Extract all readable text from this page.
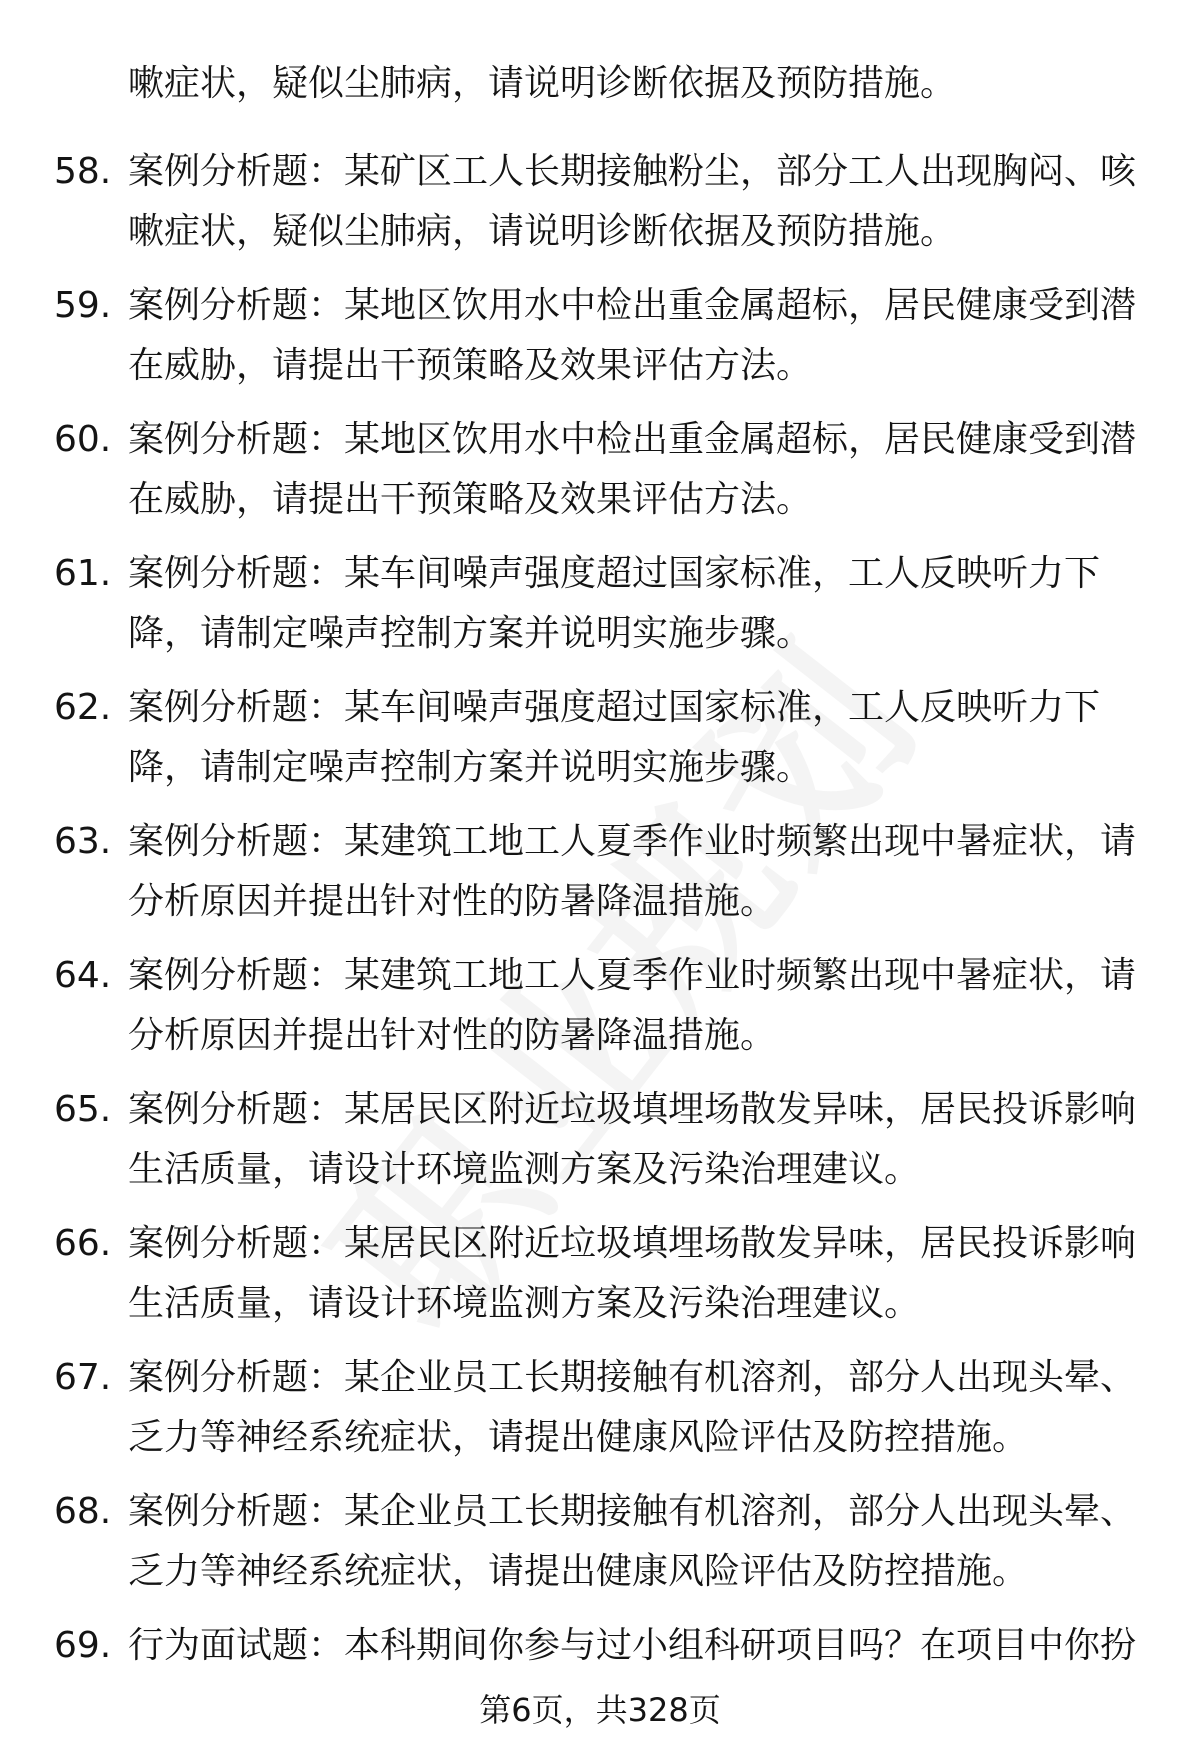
嗽症状，疑似尘肺病，请说明诊断依据及预防措施。
58. 案例分析题：某矿区工人长期接触粉尘，部分工人出现胸闷、咳
嗽症状，疑似尘肺病，请说明诊断依据及预防措施。
59. 案例分析题：某地区饮用水中检出重金属超标，居民健康受到潜
在威胁，请提出干预策略及效果评估方法。
60. 案例分析题：某地区饮用水中检出重金属超标，居民健康受到潜
在威胁，请提出干预策略及效果评估方法。
61. 案例分析题：某车间噪声强度超过国家标准，工人反映听力下
降，请制定噪声控制方案并说明实施步骤。
62. 案例分析题：某车间噪声强度超过国家标准，工人反映听力下
降，请制定噪声控制方案并说明实施步骤。
63. 案例分析题：某建筑工地工人夏季作业时频繁出现中暑症状，请
分析原因并提出针对性的防暑降温措施。
64. 案例分析题：某建筑工地工人夏季作业时频繁出现中暑症状，请
分析原因并提出针对性的防暑降温措施。
65. 案例分析题：某居民区附近垃圾填埋场散发异味，居民投诉影响
生活质量，请设计环境监测方案及污染治理建议。
66. 案例分析题：某居民区附近垃圾填埋场散发异味，居民投诉影响
生活质量，请设计环境监测方案及污染治理建议。
67. 案例分析题：某企业员工长期接触有机溶剂，部分人出现头晕、
乏力等神经系统症状，请提出健康风险评估及防控措施。
68. 案例分析题：某企业员工长期接触有机溶剂，部分人出现头晕、
乏力等神经系统症状，请提出健康风险评估及防控措施。
69. 行为面试题：本科期间你参与过小组科研项目吗？在项目中你扮
第6页，共328页
